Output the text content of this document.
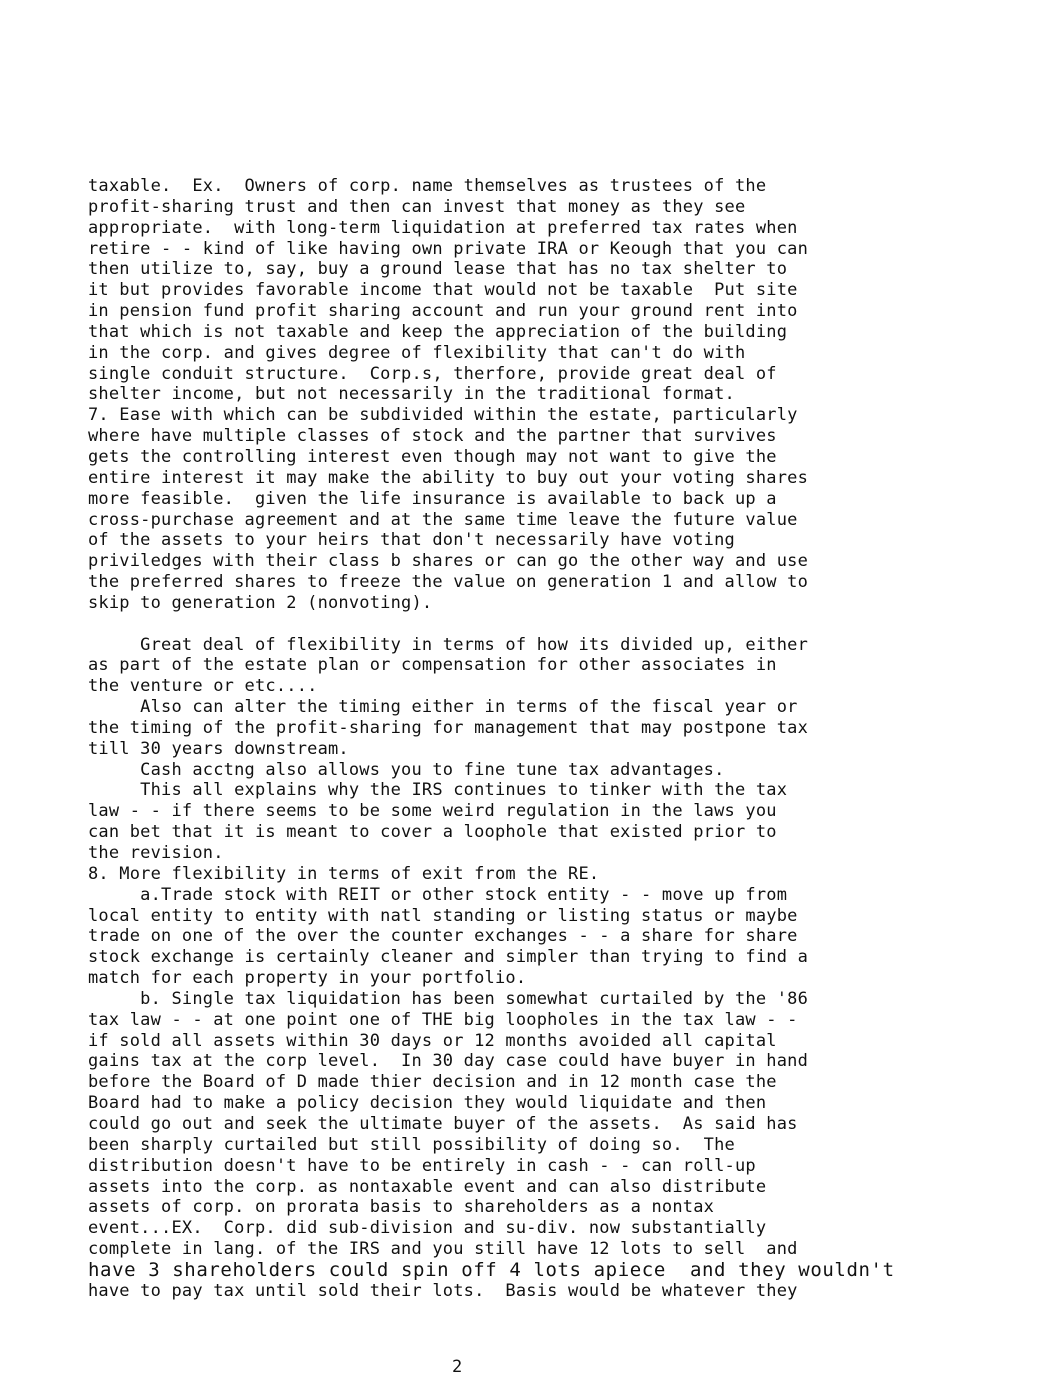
taxable.  Ex.  Owners of corp. name themselves as trustees of the
profit-sharing trust and then can invest that money as they see
appropriate.  with long-term liquidation at preferred tax rates when
retire - - kind of like having own private IRA or Keough that you can
then utilize to, say, buy a ground lease that has no tax shelter to
it but provides favorable income that would not be taxable  Put site
in pension fund profit sharing account and run your ground rent into
that which is not taxable and keep the appreciation of the building
in the corp. and gives degree of flexibility that can't do with
single conduit structure.  Corp.s, therfore, provide great deal of
shelter income, but not necessarily in the traditional format.
7. Ease with which can be subdivided within the estate, particularly
where have multiple classes of stock and the partner that survives
gets the controlling interest even though may not want to give the
entire interest it may make the ability to buy out your voting shares
more feasible.  given the life insurance is available to back up a
cross-purchase agreement and at the same time leave the future value
of the assets to your heirs that don't necessarily have voting
priviledges with their class b shares or can go the other way and use
the preferred shares to freeze the value on generation 1 and allow to
skip to generation 2 (nonvoting).
Great deal of flexibility in terms of how its divided up, either
as part of the estate plan or compensation for other associates in
the venture or etc....
Also can alter the timing either in terms of the fiscal year or
the timing of the profit-sharing for management that may postpone tax
till 30 years downstream.
Cash acctng also allows you to fine tune tax advantages.
This all explains why the IRS continues to tinker with the tax
law - - if there seems to be some weird regulation in the laws you
can bet that it is meant to cover a loophole that existed prior to
the revision.
8. More flexibility in terms of exit from the RE.
a.Trade stock with REIT or other stock entity - - move up from
local entity to entity with natl standing or listing status or maybe
trade on one of the over the counter exchanges - - a share for share
stock exchange is certainly cleaner and simpler than trying to find a
match for each property in your portfolio.
b. Single tax liquidation has been somewhat curtailed by the '86
tax law - - at one point one of THE big loopholes in the tax law - -
if sold all assets within 30 days or 12 months avoided all capital
gains tax at the corp level.  In 30 day case could have buyer in hand
before the Board of D made thier decision and in 12 month case the
Board had to make a policy decision they would liquidate and then
could go out and seek the ultimate buyer of the assets.  As said has
been sharply curtailed but still possibility of doing so.  The
distribution doesn't have to be entirely in cash - - can roll-up
assets into the corp. as nontaxable event and can also distribute
assets of corp. on prorata basis to shareholders as a nontax
event...EX.  Corp. did sub-division and su-div. now substantially
complete in lang. of the IRS and you still have 12 lots to sell  and
have 3 shareholders could spin off 4 lots apiece  and they wouldn't
have to pay tax until sold their lots.  Basis would be whatever they
2
